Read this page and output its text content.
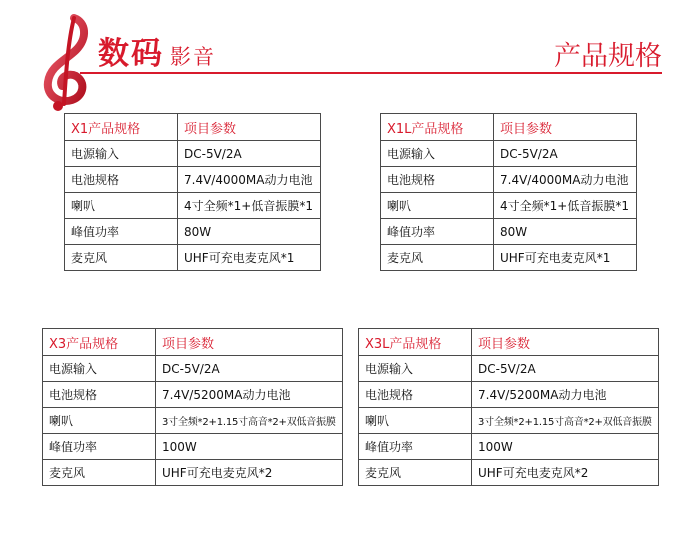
数码 影音	产品规格
X1产品规格	项目参数
电源输入	DC-5V/2A
电池规格	7.4V/4000MA动力电池
喇叭	4寸全频*1+低音振膜*1
峰值功率	80W
麦克风	UHF可充电麦克风*1
X1L产品规格	项目参数
电源输入	DC-5V/2A
电池规格	7.4V/4000MA动力电池
喇叭	4寸全频*1+低音振膜*1
峰值功率	80W
麦克风	UHF可充电麦克风*1
X3产品规格	项目参数
电源输入	DC-5V/2A
电池规格	7.4V/5200MA动力电池
喇叭	3寸全频*2+1.15寸高音*2+双低音振膜
峰值功率	100W
麦克风	UHF可充电麦克风*2
X3L产品规格	项目参数
电源输入	DC-5V/2A
电池规格	7.4V/5200MA动力电池
喇叭	3寸全频*2+1.15寸高音*2+双低音振膜
峰值功率	100W
麦克风	UHF可充电麦克风*2
